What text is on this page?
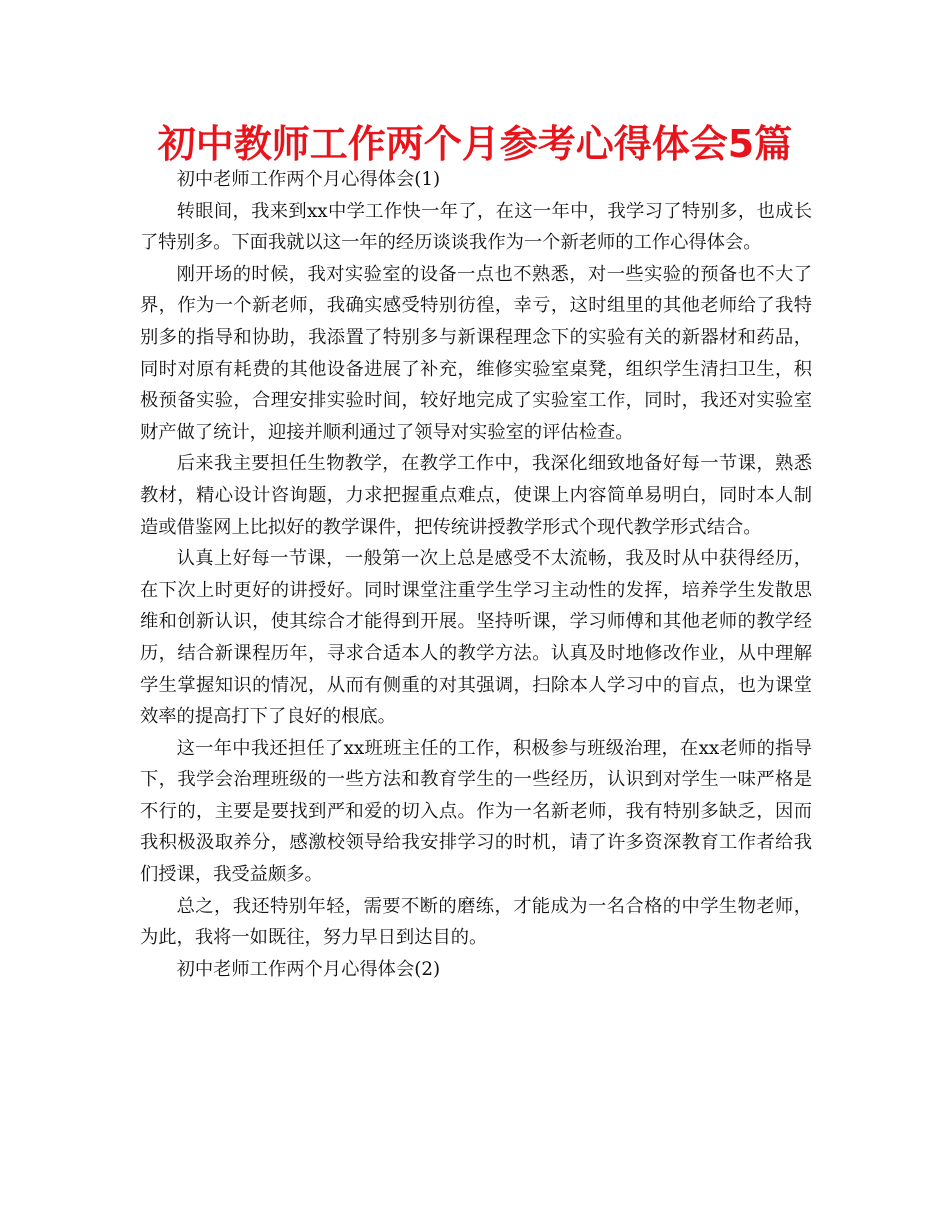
初中教师工作两个月参考心得体会5篇

初中老师工作两个月心得体会(1)

转眼间，我来到xx中学工作快一年了，在这一年中，我学习了特别多，也成长了特别多。下面我就以这一年的经历谈谈我作为一个新老师的工作心得体会。

刚开场的时候，我对实验室的设备一点也不熟悉，对一些实验的预备也不大了界，作为一个新老师，我确实感受特别彷徨，幸亏，这时组里的其他老师给了我特别多的指导和协助，我添置了特别多与新课程理念下的实验有关的新器材和药品，同时对原有耗费的其他设备进展了补充，维修实验室桌凳，组织学生清扫卫生，积极预备实验，合理安排实验时间，较好地完成了实验室工作，同时，我还对实验室财产做了统计，迎接并顺利通过了领导对实验室的评估检查。

后来我主要担任生物教学，在教学工作中，我深化细致地备好每一节课，熟悉教材，精心设计咨询题，力求把握重点难点，使课上内容简单易明白，同时本人制造或借鉴网上比拟好的教学课件，把传统讲授教学形式个现代教学形式结合。

认真上好每一节课，一般第一次上总是感受不太流畅，我及时从中获得经历，在下次上时更好的讲授好。同时课堂注重学生学习主动性的发挥，培养学生发散思维和创新认识，使其综合才能得到开展。坚持听课，学习师傅和其他老师的教学经历，结合新课程历年，寻求合适本人的教学方法。认真及时地修改作业，从中理解学生掌握知识的情况，从而有侧重的对其强调，扫除本人学习中的盲点，也为课堂效率的提高打下了良好的根底。

这一年中我还担任了xx班班主任的工作，积极参与班级治理，在xx老师的指导下，我学会治理班级的一些方法和教育学生的一些经历，认识到对学生一味严格是不行的，主要是要找到严和爱的切入点。作为一名新老师，我有特别多缺乏，因而我积极汲取养分，感激校领导给我安排学习的时机，请了许多资深教育工作者给我们授课，我受益颇多。

总之，我还特别年轻，需要不断的磨练，才能成为一名合格的中学生物老师，为此，我将一如既往，努力早日到达目的。

初中老师工作两个月心得体会(2)
